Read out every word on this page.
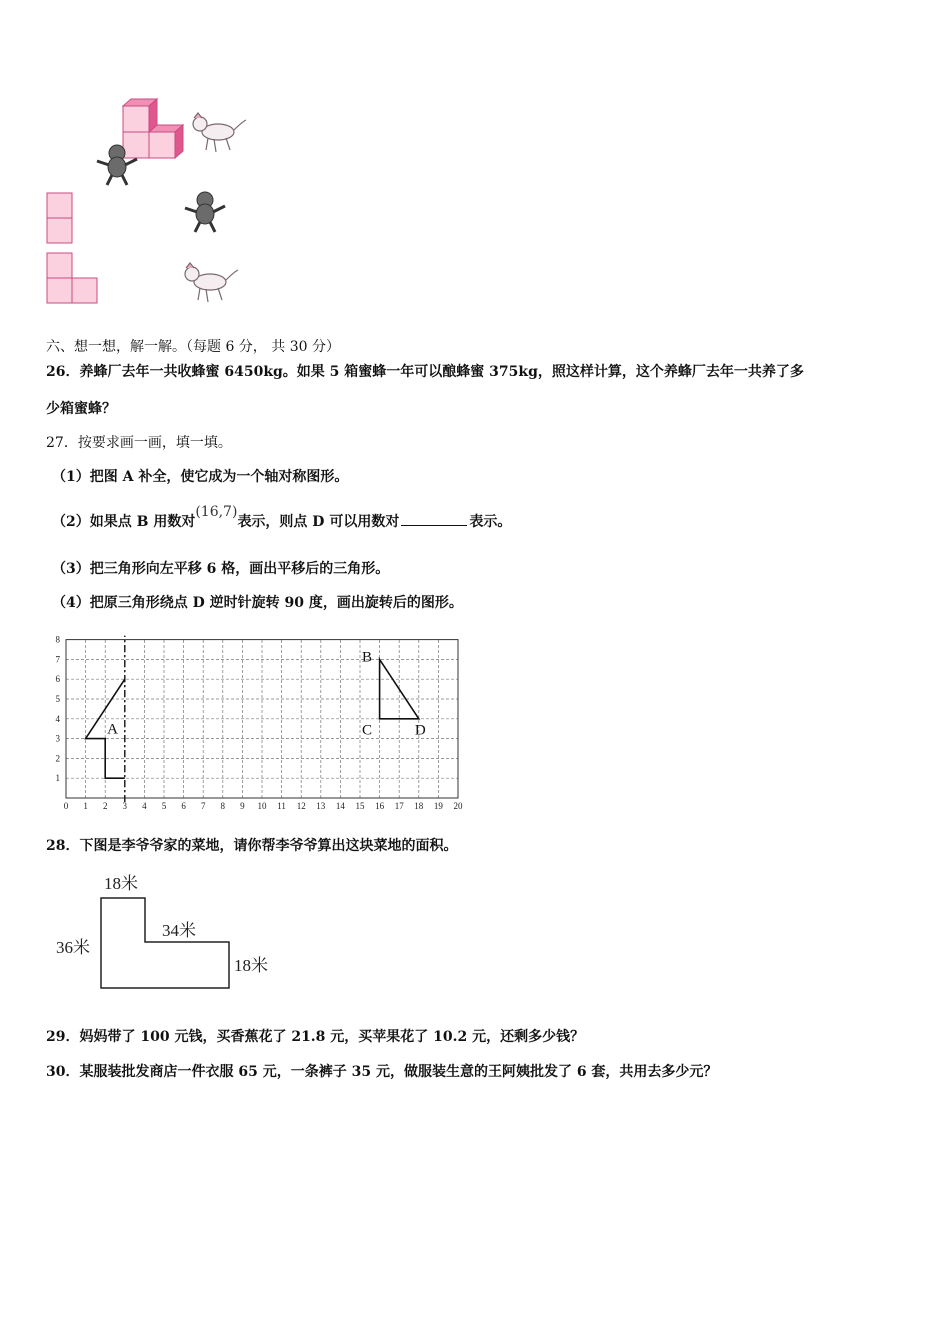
六、想一想，解一解。（每题 6 分， 共 30 分）
26．养蜂厂去年一共收蜂蜜 6450kg。如果 5 箱蜜蜂一年可以酿蜂蜜 375kg，照这样计算，这个养蜂厂去年一共养了多
少箱蜜蜂？
27．按要求画一画，填一填。
（1）把图 A 补全，使它成为一个轴对称图形。
（2）如果点 B 用数对(16,7)表示，则点 D 可以用数对	表示。
（3）把三角形向左平移 6 格，画出平移后的三角形。
（4）把原三角形绕点 D 逆时针旋转 90 度，画出旋转后的图形。
0 1 2 3 4 5 6 7 8 9 10 11 12 13 14 15 16 17 18 19 20
1
2
3
4
5
6
7
8
A
B
C	D
28．下图是李爷爷家的菜地，请你帮李爷爷算出这块菜地的面积。
18米
36米
34米
18米
29．妈妈带了 100 元钱，买香蕉花了 21.8 元，买苹果花了 10.2 元，还剩多少钱？
30．某服装批发商店一件衣服 65 元，一条裤子 35 元，做服装生意的王阿姨批发了 6 套，共用去多少元？
